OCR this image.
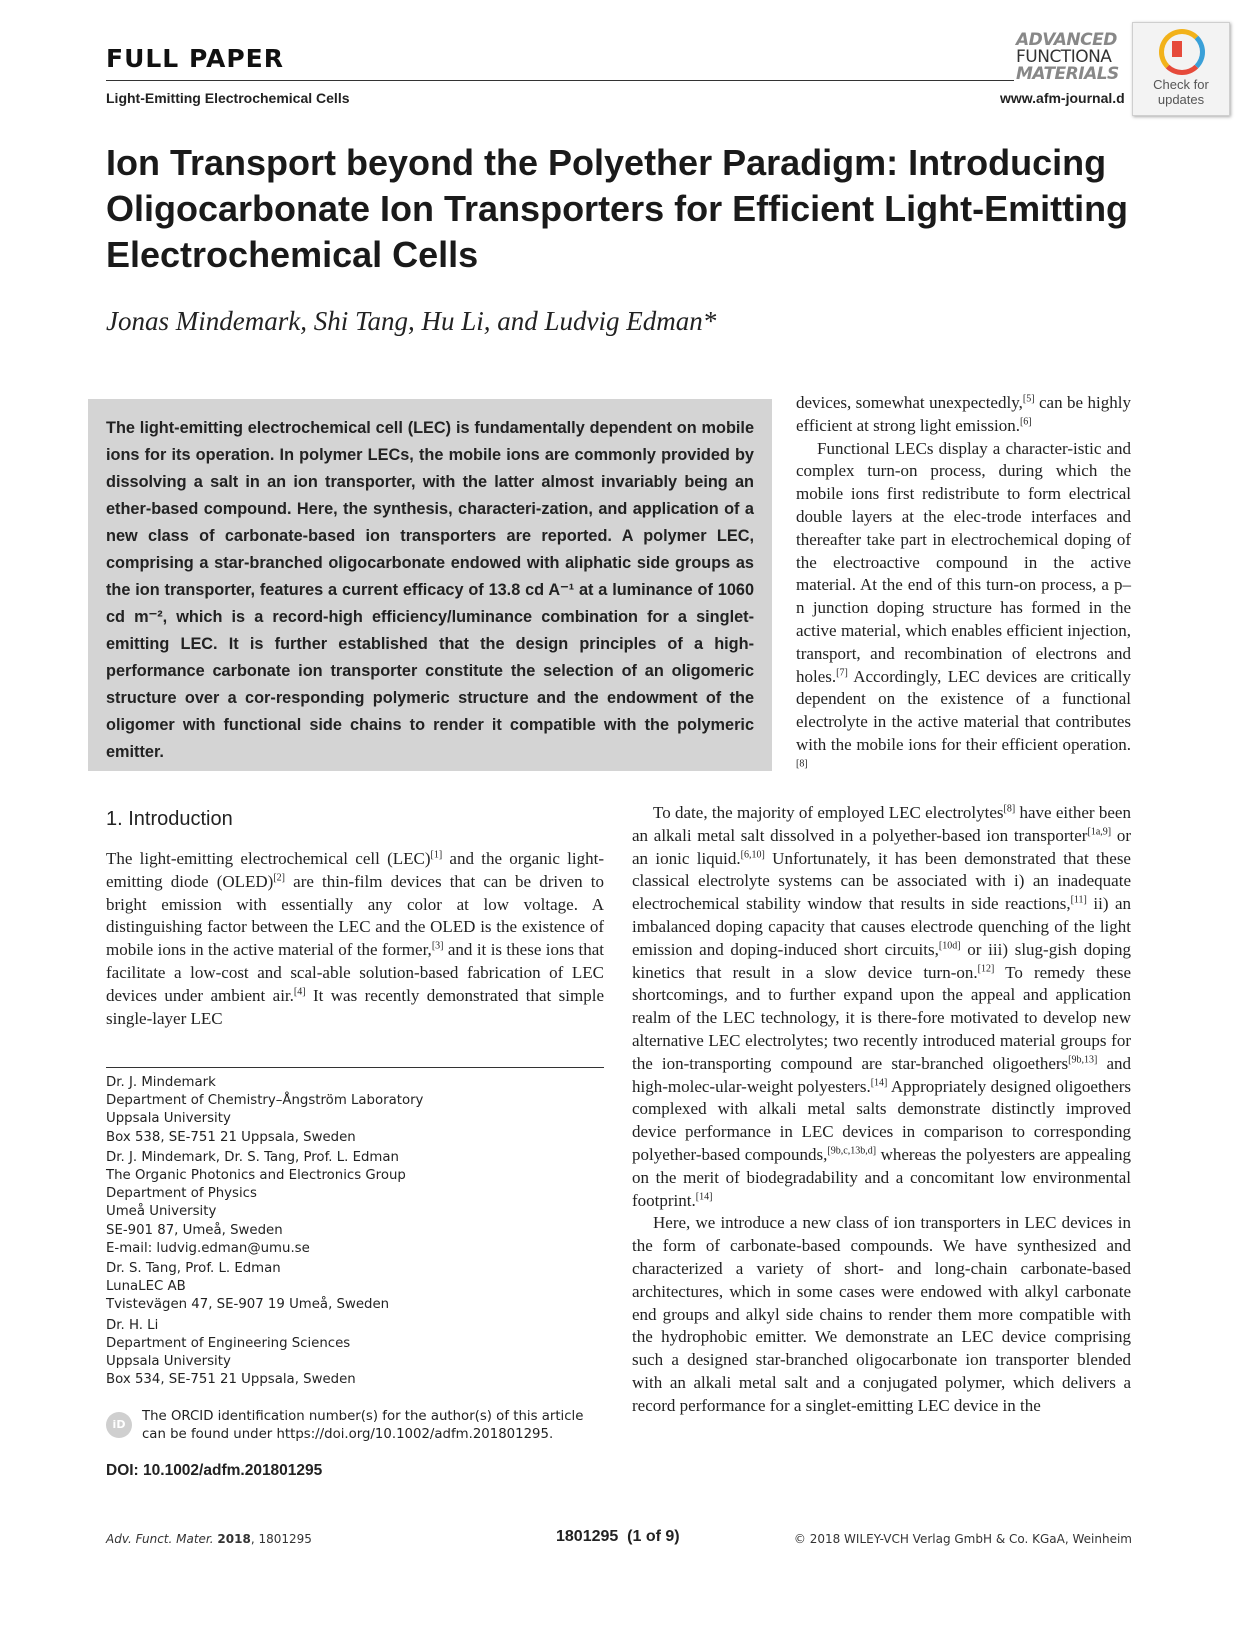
FULL PAPER
Light-Emitting Electrochemical Cells	www.afm-journal.d
ADVANCED
FUNCTIONA
MATERIALS
Check for
updates
Ion Transport beyond the Polyether Paradigm: Introducing Oligocarbonate Ion Transporters for Efficient Light-Emitting Electrochemical Cells
Jonas Mindemark, Shi Tang, Hu Li, and Ludvig Edman*

The light-emitting electrochemical cell (LEC) is fundamentally dependent on mobile ions for its operation. In polymer LECs, the mobile ions are commonly provided by dissolving a salt in an ion transporter, with the latter almost invariably being an ether-based compound. Here, the synthesis, characteri-zation, and application of a new class of carbonate-based ion transporters are reported. A polymer LEC, comprising a star-branched oligocarbonate endowed with aliphatic side groups as the ion transporter, features a current efficacy of 13.8 cd A⁻¹ at a luminance of 1060 cd m⁻², which is a record-high efficiency/luminance combination for a singlet-emitting LEC. It is further established that the design principles of a high-performance carbonate ion transporter constitute the selection of an oligomeric structure over a cor-responding polymeric structure and the endowment of the oligomer with functional side chains to render it compatible with the polymeric emitter.

devices, somewhat unexpectedly,[5] can be highly efficient at strong light emission.[6]

Functional LECs display a character-istic and complex turn-on process, during which the mobile ions first redistribute to form electrical double layers at the elec-trode interfaces and thereafter take part in electrochemical doping of the electroactive compound in the active material. At the end of this turn-on process, a p–n junction doping structure has formed in the active material, which enables efficient injection, transport, and recombination of electrons and holes.[7] Accordingly, LEC devices are critically dependent on the existence of a functional electrolyte in the active material that contributes with the mobile ions for their efficient operation.[8]

1. Introduction

The light-emitting electrochemical cell (LEC)[1] and the organic light-emitting diode (OLED)[2] are thin-film devices that can be driven to bright emission with essentially any color at low voltage. A distinguishing factor between the LEC and the OLED is the existence of mobile ions in the active material of the former,[3] and it is these ions that facilitate a low-cost and scal-able solution-based fabrication of LEC devices under ambient air.[4] It was recently demonstrated that simple single-layer LEC

To date, the majority of employed LEC electrolytes[8] have either been an alkali metal salt dissolved in a polyether-based ion transporter[1a,9] or an ionic liquid.[6,10] Unfortunately, it has been demonstrated that these classical electrolyte systems can be associated with i) an inadequate electrochemical stability window that results in side reactions,[11] ii) an imbalanced doping capacity that causes electrode quenching of the light emission and doping-induced short circuits,[10d] or iii) slug-gish doping kinetics that result in a slow device turn-on.[12] To remedy these shortcomings, and to further expand upon the appeal and application realm of the LEC technology, it is there-fore motivated to develop new alternative LEC electrolytes; two recently introduced material groups for the ion-transporting compound are star-branched oligoethers[9b,13] and high-molec-ular-weight polyesters.[14] Appropriately designed oligoethers complexed with alkali metal salts demonstrate distinctly improved device performance in LEC devices in comparison to corresponding polyether-based compounds,[9b,c,13b,d] whereas the polyesters are appealing on the merit of biodegradability and a concomitant low environmental footprint.[14]

Here, we introduce a new class of ion transporters in LEC devices in the form of carbonate-based compounds. We have synthesized and characterized a variety of short- and long-chain carbonate-based architectures, which in some cases were endowed with alkyl carbonate end groups and alkyl side chains to render them more compatible with the hydrophobic emitter. We demonstrate an LEC device comprising such a designed star-branched oligocarbonate ion transporter blended with an alkali metal salt and a conjugated polymer, which delivers a record performance for a singlet-emitting LEC device in the

Dr. J. Mindemark
Department of Chemistry–Ångström Laboratory
Uppsala University
Box 538, SE-751 21 Uppsala, Sweden
Dr. J. Mindemark, Dr. S. Tang, Prof. L. Edman
The Organic Photonics and Electronics Group
Department of Physics
Umeå University
SE-901 87, Umeå, Sweden
E-mail: ludvig.edman@umu.se
Dr. S. Tang, Prof. L. Edman
LunaLEC AB
Tvistevägen 47, SE-907 19 Umeå, Sweden
Dr. H. Li
Department of Engineering Sciences
Uppsala University
Box 534, SE-751 21 Uppsala, Sweden
iD
The ORCID identification number(s) for the author(s) of this article can be found under https://doi.org/10.1002/adfm.201801295.
DOI: 10.1002/adfm.201801295
Adv. Funct. Mater. 2018, 1801295	1801295  (1 of 9)	© 2018 WILEY-VCH Verlag GmbH & Co. KGaA, Weinheim
